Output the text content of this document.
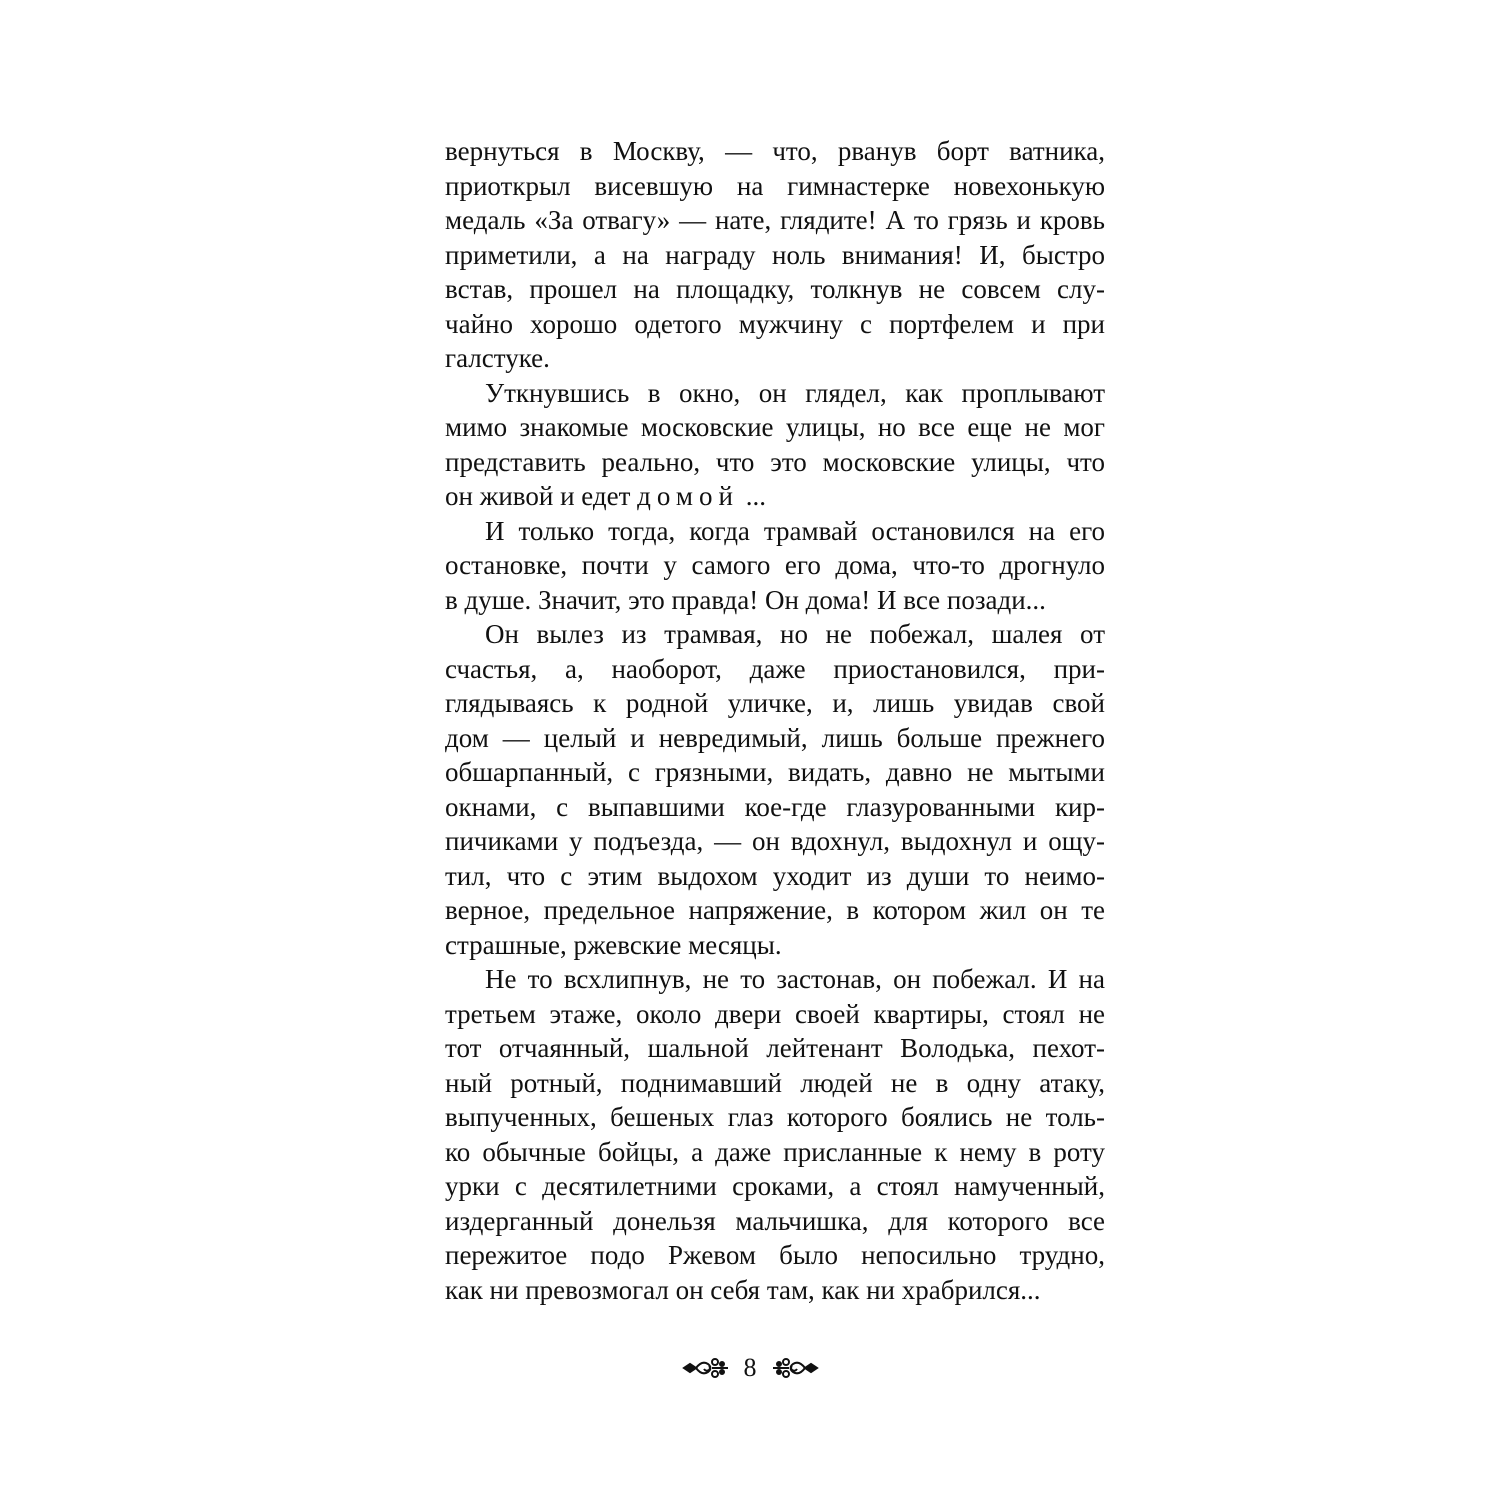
вернуться в Москву, — что, рванув борт ватника,
приоткрыл висевшую на гимнастерке новехонькую
медаль «За отвагу» — нате, глядите! А то грязь и кровь
приметили, а на награду ноль внимания! И, быстро
встав, прошел на площадку, толкнув не совсем слу-
чайно хорошо одетого мужчину с портфелем и при
галстуке.
Уткнувшись в окно, он глядел, как проплывают
мимо знакомые московские улицы, но все еще не мог
представить реально, что это московские улицы, что
он живой и едет домой ...
И только тогда, когда трамвай остановился на его
остановке, почти у самого его дома, что-то дрогнуло
в душе. Значит, это правда! Он дома! И все позади...
Он вылез из трамвая, но не побежал, шалея от
счастья, а, наоборот, даже приостановился, при-
глядываясь к родной уличке, и, лишь увидав свой
дом — целый и невредимый, лишь больше прежнего
обшарпанный, с грязными, видать, давно не мытыми
окнами, с выпавшими кое-где глазурованными кир-
пичиками у подъезда, — он вдохнул, выдохнул и ощу-
тил, что с этим выдохом уходит из души то неимо-
верное, предельное напряжение, в котором жил он те
страшные, ржевские месяцы.
Не то всхлипнув, не то застонав, он побежал. И на
третьем этаже, около двери своей квартиры, стоял не
тот отчаянный, шальной лейтенант Володька, пехот-
ный ротный, поднимавший людей не в одну атаку,
выпученных, бешеных глаз которого боялись не толь-
ко обычные бойцы, а даже присланные к нему в роту
урки с десятилетними сроками, а стоял намученный,
издерганный донельзя мальчишка, для которого все
пережитое подо Ржевом было непосильно трудно,
как ни превозмогал он себя там, как ни храбрился...
8
